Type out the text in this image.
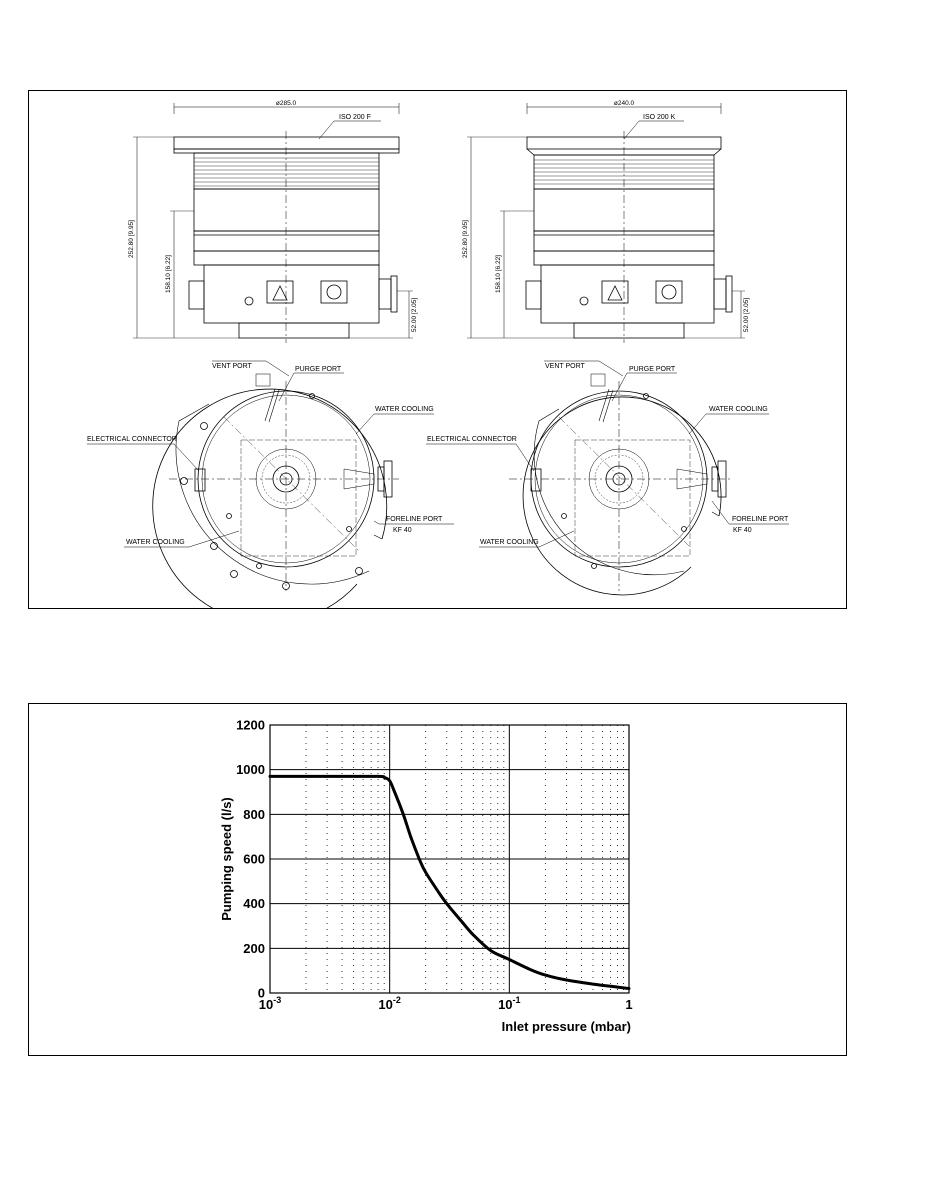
ø285.0
ISO 200 F
252.80 [9.95]
158.10 [6.22]
52.00 [2.05]
ø240.0
ISO 200 K
252.80 [9.95]
158.10 [6.22]
52.00 [2.05]
VENT PORT	PURGE PORT
WATER COOLING
ELECTRICAL CONNECTOR
FORELINE PORT
KF 40
WATER COOLING
VENT PORT	PURGE PORT
WATER COOLING
ELECTRICAL CONNECTOR
FORELINE PORT
KF 40
WATER COOLING
0
200
400
600
800
1000
1200
$10^{-3}$	$10^{-2}$	$10^{-1}$	1
Pumping speed (l/s)
Inlet pressure (mbar)
